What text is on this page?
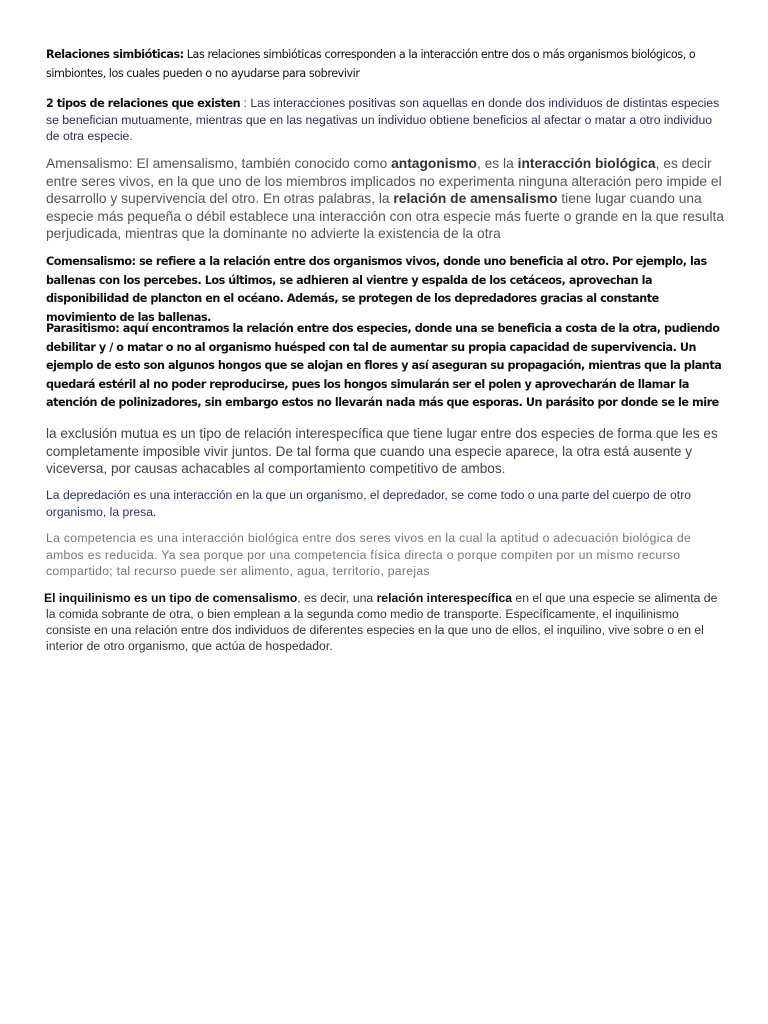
Relaciones simbióticas: Las relaciones simbióticas corresponden a la interacción entre dos o más organismos biológicos, o simbiontes, los cuales pueden o no ayudarse para sobrevivir

2 tipos de relaciones que existen : Las interacciones positivas son aquellas en donde dos individuos de distintas especies se benefician mutuamente, mientras que en las negativas un individuo obtiene beneficios al afectar o matar a otro individuo de otra especie.

Amensalismo: El amensalismo, también conocido como antagonismo, es la interacción biológica, es decir entre seres vivos, en la que uno de los miembros implicados no experimenta ninguna alteración pero impide el desarrollo y supervivencia del otro. En otras palabras, la relación de amensalismo tiene lugar cuando una especie más pequeña o débil establece una interacción con otra especie más fuerte o grande en la que resulta perjudicada, mientras que la dominante no advierte la existencia de la otra

Comensalismo: se refiere a la relación entre dos organismos vivos, donde uno beneficia al otro. Por ejemplo, las ballenas con los percebes. Los últimos, se adhieren al vientre y espalda de los cetáceos, aprovechan la disponibilidad de plancton en el océano. Además, se protegen de los depredadores gracias al constante movimiento de las ballenas.

Parasitismo: aquí encontramos la relación entre dos especies, donde una se beneficia a costa de la otra, pudiendo debilitar y / o matar o no al organismo huésped con tal de aumentar su propia capacidad de supervivencia. Un ejemplo de esto son algunos hongos que se alojan en flores y así aseguran su propagación, mientras que la planta quedará estéril al no poder reproducirse, pues los hongos simularán ser el polen y aprovecharán de llamar la atención de polinizadores, sin embargo estos no llevarán nada más que esporas. Un parásito por donde se le mire

la exclusión mutua es un tipo de relación interespecífica que tiene lugar entre dos especies de forma que les es completamente imposible vivir juntos. De tal forma que cuando una especie aparece, la otra está ausente y viceversa, por causas achacables al comportamiento competitivo de ambos.

La depredación es una interacción en la que un organismo, el depredador, se come todo o una parte del cuerpo de otro organismo, la presa.

La competencia es una interacción biológica entre dos seres vivos en la cual la aptitud o adecuación biológica de ambos es reducida. Ya sea porque por una competencia física directa o porque compiten por un mismo recurso compartido; tal recurso puede ser alimento, agua, territorio, parejas

El inquilinismo es un tipo de comensalismo, es decir, una relación interespecífica en el que una especie se alimenta de la comida sobrante de otra, o bien emplean a la segunda como medio de transporte. Específicamente, el inquilinismo consiste en una relación entre dos individuos de diferentes especies en la que uno de ellos, el inquilino, vive sobre o en el interior de otro organismo, que actúa de hospedador.
